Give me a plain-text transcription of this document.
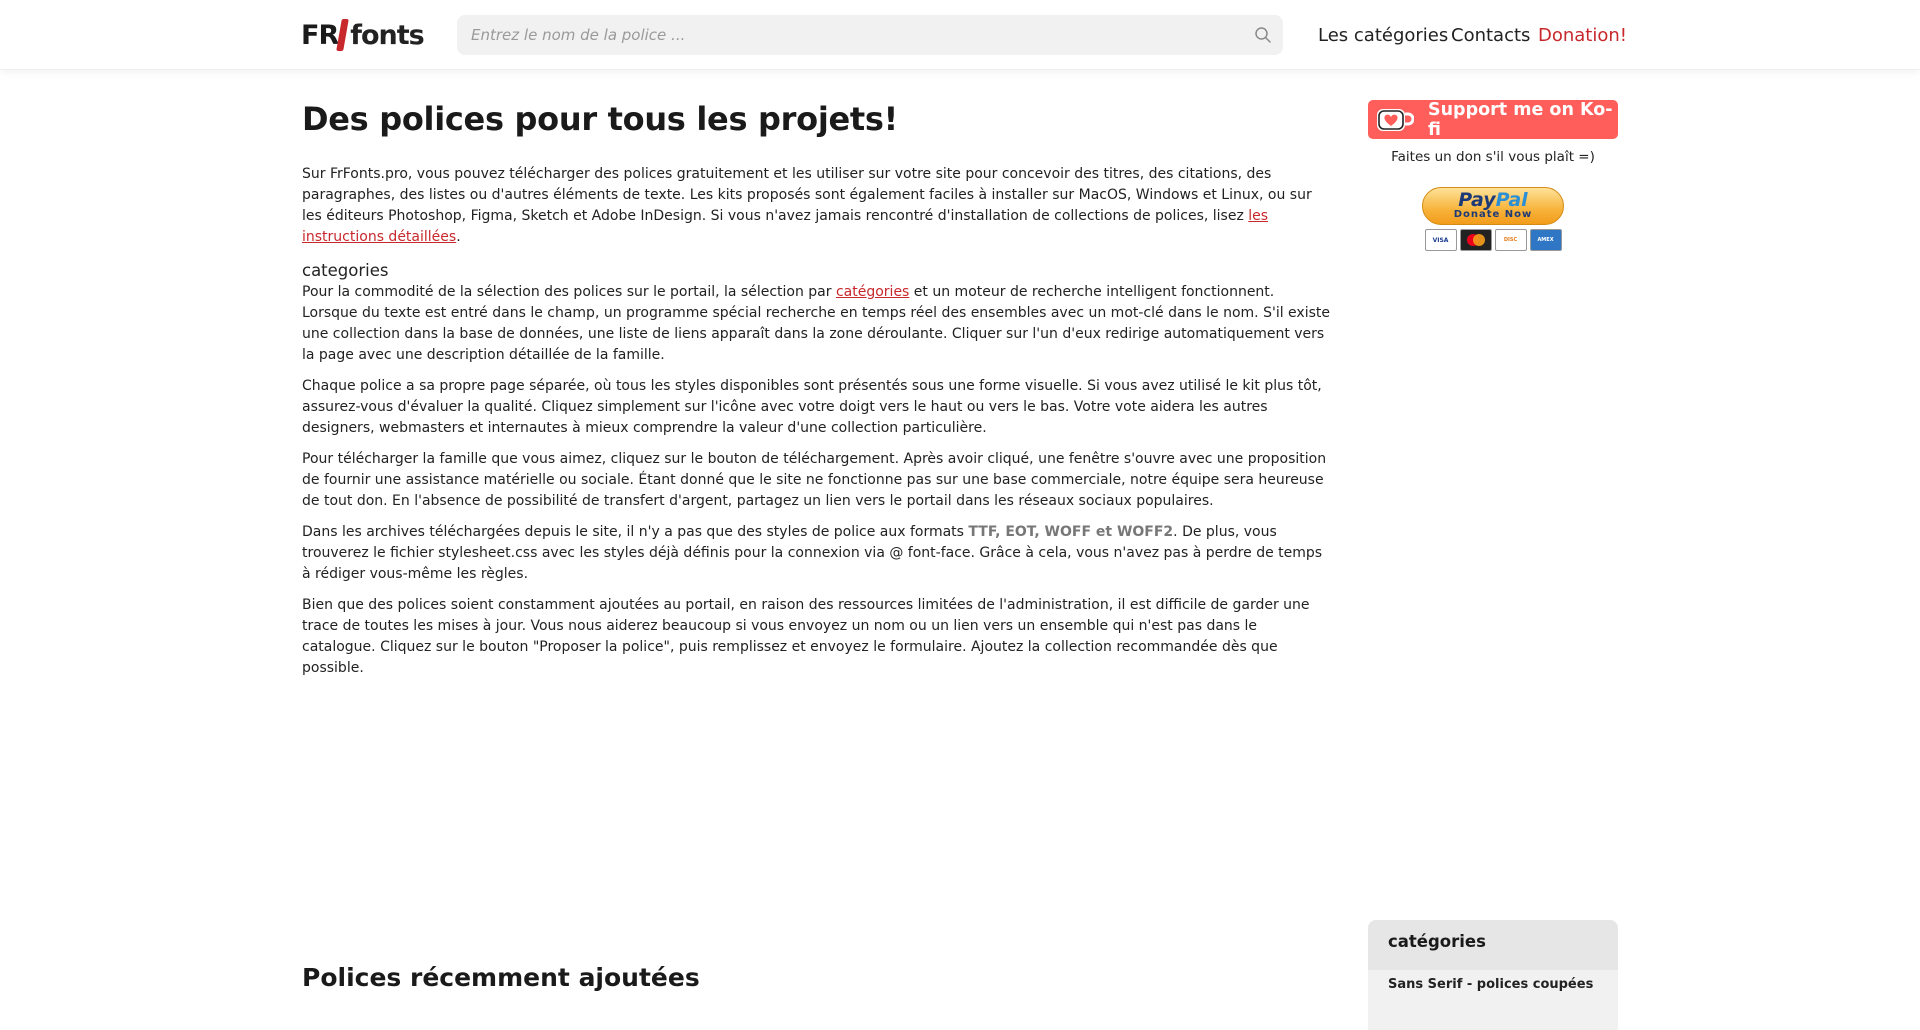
FR fonts
Entrez le nom de la police ...	Les catégories Contacts Donation!
Des polices pour tous les projets!

Sur FrFonts.pro, vous pouvez télécharger des polices gratuitement et les utiliser sur votre site pour concevoir des titres, des citations, des paragraphes, des listes ou d'autres éléments de texte. Les kits proposés sont également faciles à installer sur MacOS, Windows et Linux, ou sur les éditeurs Photoshop, Figma, Sketch et Adobe InDesign. Si vous n'avez jamais rencontré d'installation de collections de polices, lisez les instructions détaillées.

categories

Pour la commodité de la sélection des polices sur le portail, la sélection par catégories et un moteur de recherche intelligent fonctionnent. Lorsque du texte est entré dans le champ, un programme spécial recherche en temps réel des ensembles avec un mot-clé dans le nom. S'il existe une collection dans la base de données, une liste de liens apparaît dans la zone déroulante. Cliquer sur l'un d'eux redirige automatiquement vers la page avec une description détaillée de la famille.

Chaque police a sa propre page séparée, où tous les styles disponibles sont présentés sous une forme visuelle. Si vous avez utilisé le kit plus tôt, assurez-vous d'évaluer la qualité. Cliquez simplement sur l'icône avec votre doigt vers le haut ou vers le bas. Votre vote aidera les autres designers, webmasters et internautes à mieux comprendre la valeur d'une collection particulière.

Pour télécharger la famille que vous aimez, cliquez sur le bouton de téléchargement. Après avoir cliqué, une fenêtre s'ouvre avec une proposition de fournir une assistance matérielle ou sociale. Étant donné que le site ne fonctionne pas sur une base commerciale, notre équipe sera heureuse de tout don. En l'absence de possibilité de transfert d'argent, partagez un lien vers le portail dans les réseaux sociaux populaires.

Dans les archives téléchargées depuis le site, il n'y a pas que des styles de police aux formats TTF, EOT, WOFF et WOFF2. De plus, vous trouverez le fichier stylesheet.css avec les styles déjà définis pour la connexion via @ font-face. Grâce à cela, vous n'avez pas à perdre de temps à rédiger vous-même les règles.

Bien que des polices soient constamment ajoutées au portail, en raison des ressources limitées de l'administration, il est difficile de garder une trace de toutes les mises à jour. Vous nous aiderez beaucoup si vous envoyez un nom ou un lien vers un ensemble qui n'est pas dans le catalogue. Cliquez sur le bouton "Proposer la police", puis remplissez et envoyez le formulaire. Ajoutez la collection recommandée dès que possible.

Polices récemment ajoutées
Support me on Ko-fi
Faites un don s'il vous plaît =)
PayPal
Donate Now
VISA	DISC	AMEX
catégories
Sans Serif - polices coupées
